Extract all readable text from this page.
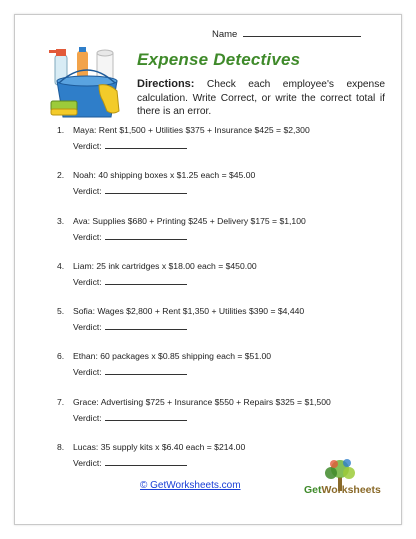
Name
Expense Detectives
Directions: Check each employee's expense calculation. Write Correct, or write the correct total if there is an error.
1. Maya: Rent $1,500 + Utilities $375 + Insurance $425 = $2,300
Verdict:
2. Noah: 40 shipping boxes x $1.25 each = $45.00
Verdict:
3. Ava: Supplies $680 + Printing $245 + Delivery $175 = $1,100
Verdict:
4. Liam: 25 ink cartridges x $18.00 each = $450.00
Verdict:
5. Sofia: Wages $2,800 + Rent $1,350 + Utilities $390 = $4,440
Verdict:
6. Ethan: 60 packages x $0.85 shipping each = $51.00
Verdict:
7. Grace: Advertising $725 + Insurance $550 + Repairs $325 = $1,500
Verdict:
8. Lucas: 35 supply kits x $6.40 each = $214.00
Verdict:
© GetWorksheets.com	GetWorksheets
